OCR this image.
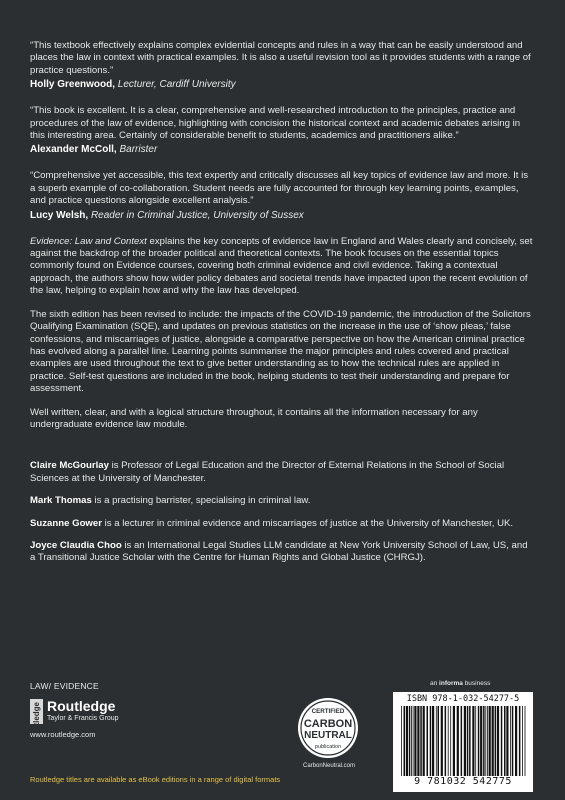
“This textbook effectively explains complex evidential concepts and rules in a way that can be easily understood and places the law in context with practical examples. It is also a useful revision tool as it provides students with a range of practice questions.”

Holly Greenwood, Lecturer, Cardiff University

“This book is excellent. It is a clear, comprehensive and well-researched introduction to the principles, practice and procedures of the law of evidence, highlighting with concision the historical context and academic debates arising in this interesting area. Certainly of considerable benefit to students, academics and practitioners alike.”

Alexander McColl, Barrister

“Comprehensive yet accessible, this text expertly and critically discusses all key topics of evidence law and more. It is a superb example of co-collaboration. Student needs are fully accounted for through key learning points, examples, and practice questions alongside excellent analysis.”

Lucy Welsh, Reader in Criminal Justice, University of Sussex

Evidence: Law and Context explains the key concepts of evidence law in England and Wales clearly and concisely, set against the backdrop of the broader political and theoretical contexts. The book focuses on the essential topics commonly found on Evidence courses, covering both criminal evidence and civil evidence. Taking a contextual approach, the authors show how wider policy debates and societal trends have impacted upon the recent evolution of the law, helping to explain how and why the law has developed.

The sixth edition has been revised to include: the impacts of the COVID-19 pandemic, the introduction of the Solicitors Qualifying Examination (SQE), and updates on previous statistics on the increase in the use of ‘show pleas,’ false confessions, and miscarriages of justice, alongside a comparative perspective on how the American criminal practice has evolved along a parallel line. Learning points summarise the major principles and rules covered and practical examples are used throughout the text to give better understanding as to how the technical rules are applied in practice. Self-test questions are included in the book, helping students to test their understanding and prepare for assessment.

Well written, clear, and with a logical structure throughout, it contains all the information necessary for any undergraduate evidence law module.

Claire McGourlay is Professor of Legal Education and the Director of External Relations in the School of Social Sciences at the University of Manchester.

Mark Thomas is a practising barrister, specialising in criminal law.

Suzanne Gower is a lecturer in criminal evidence and miscarriages of justice at the University of Manchester, UK.

Joyce Claudia Choo is an International Legal Studies LLM candidate at New York University School of Law, US, and a Transitional Justice Scholar with the Centre for Human Rights and Global Justice (CHRGJ).

LAW/ EVIDENCE
Routledge Routledge
Taylor & Francis Group
www.routledge.com
Routledge titles are available as eBook editions in a range of digital formats
CERTIFIED
CARBON
NEUTRAL
publication
CarbonNeutral.com
an informa business
ISBN 978-1-032-54277-5
9 781032 542775
